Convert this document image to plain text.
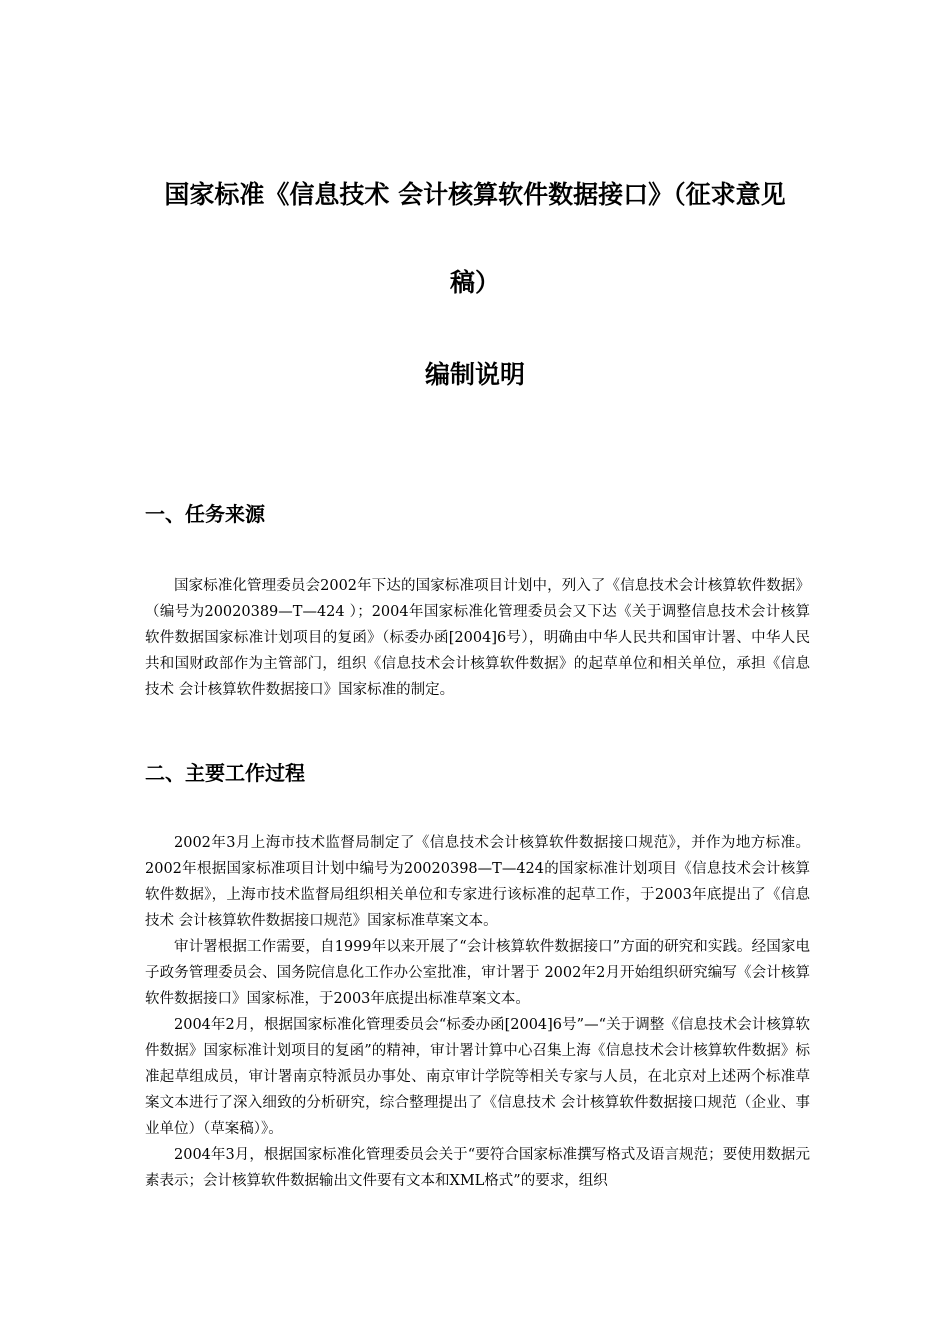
国家标准《信息技术 会计核算软件数据接口》（征求意见
稿）
编制说明
一、任务来源

国家标准化管理委员会2002年下达的国家标准项目计划中，列入了《信息技术会计核算软件数据》（编号为20020389—T—424 ）；2004年国家标准化管理委员会又下达《关于调整信息技术会计核算软件数据国家标准计划项目的复函》（标委办函[2004]6号），明确由中华人民共和国审计署、中华人民共和国财政部作为主管部门，组织《信息技术会计核算软件数据》的起草单位和相关单位，承担《信息技术 会计核算软件数据接口》国家标准的制定。

二、主要工作过程

2002年3月上海市技术监督局制定了《信息技术会计核算软件数据接口规范》，并作为地方标准。2002年根据国家标准项目计划中编号为20020398—T—424的国家标准计划项目《信息技术会计核算软件数据》，上海市技术监督局组织相关单位和专家进行该标准的起草工作，于2003年底提出了《信息技术 会计核算软件数据接口规范》国家标准草案文本。

审计署根据工作需要，自1999年以来开展了“会计核算软件数据接口”方面的研究和实践。经国家电子政务管理委员会、国务院信息化工作办公室批准，审计署于 2002年2月开始组织研究编写《会计核算软件数据接口》国家标准，于2003年底提出标准草案文本。

2004年2月，根据国家标准化管理委员会“标委办函[2004]6号”—“关于调整《信息技术会计核算软件数据》国家标准计划项目的复函”的精神，审计署计算中心召集上海《信息技术会计核算软件数据》标准起草组成员，审计署南京特派员办事处、南京审计学院等相关专家与人员，在北京对上述两个标准草案文本进行了深入细致的分析研究，综合整理提出了《信息技术 会计核算软件数据接口规范（企业、事业单位）（草案稿）》。

2004年3月，根据国家标准化管理委员会关于“要符合国家标准撰写格式及语言规范；要使用数据元素表示；会计核算软件数据输出文件要有文本和XML格式”的要求，组织
